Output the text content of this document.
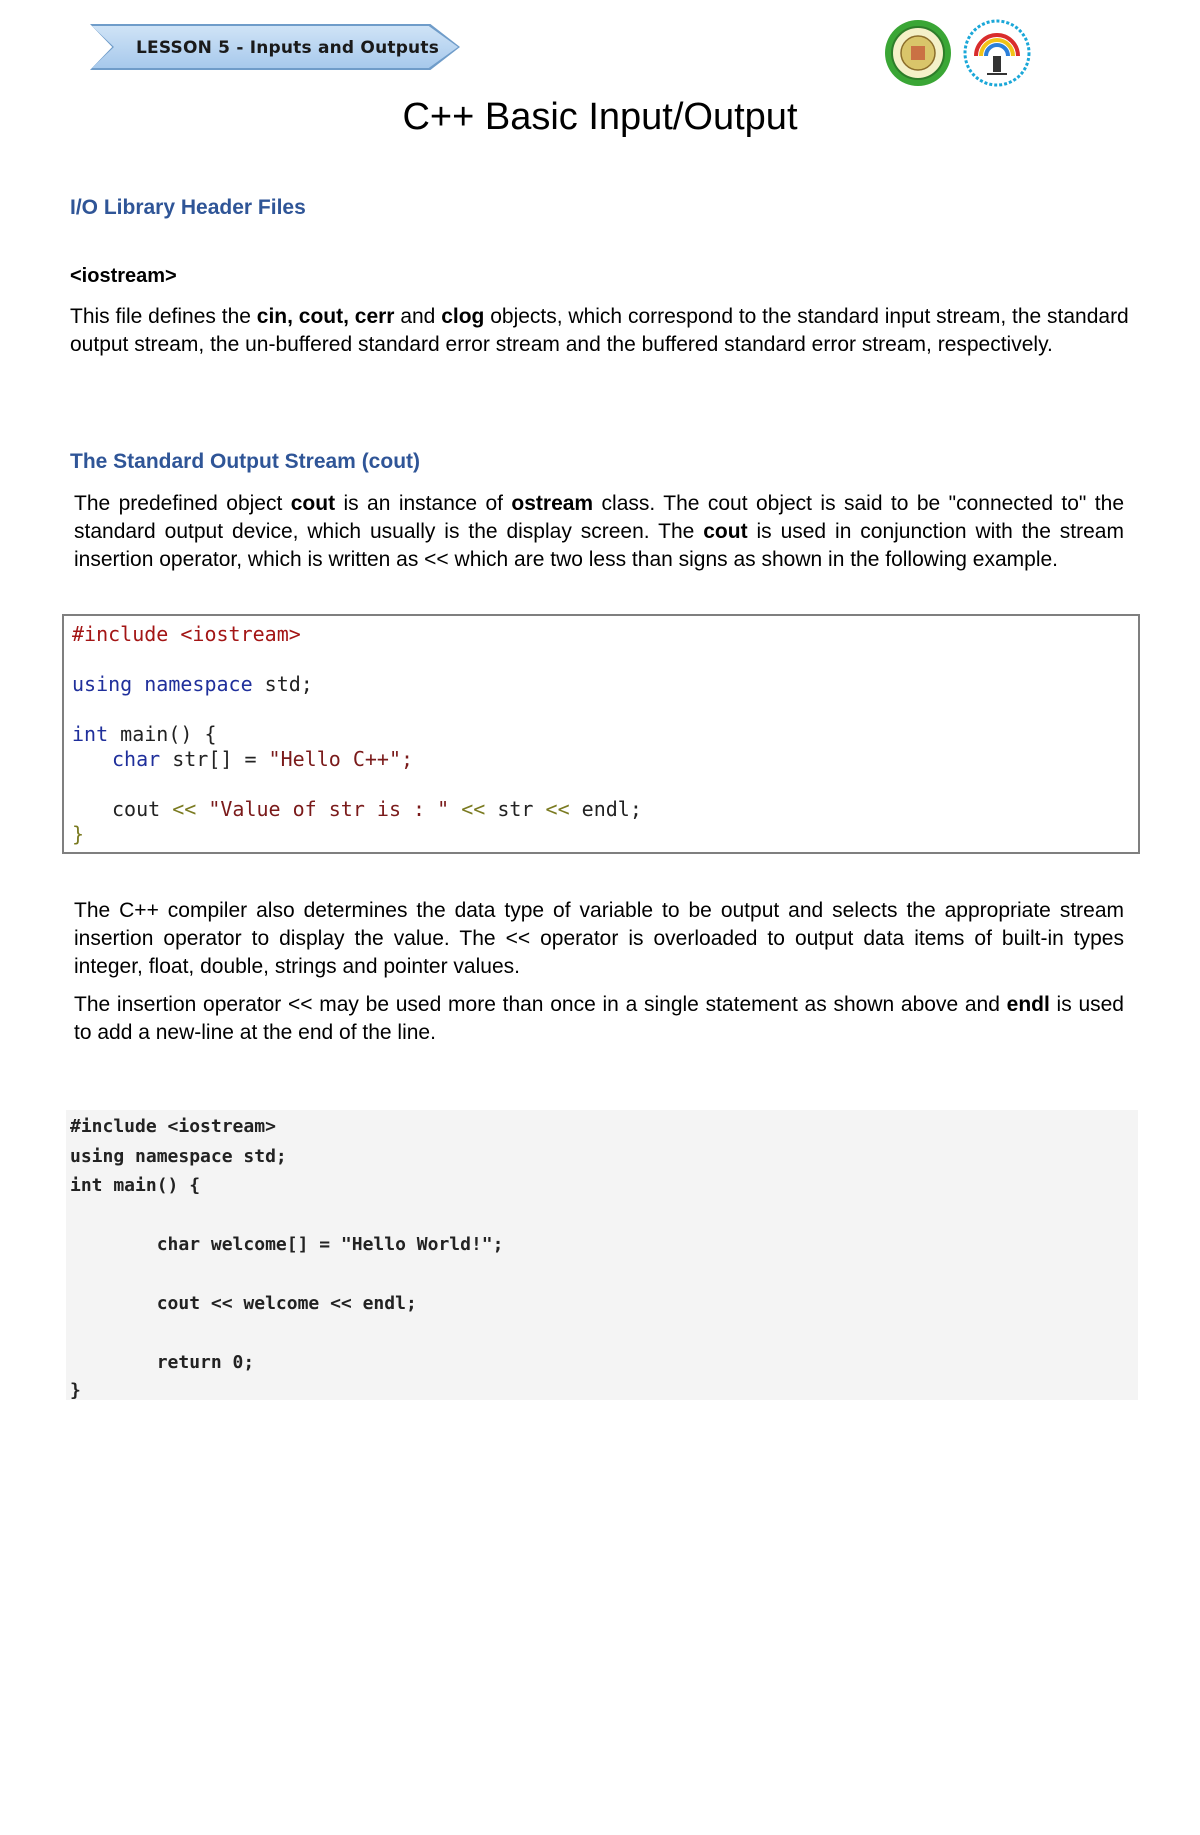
LESSON 5 - Inputs and Outputs
C++ Basic Input/Output
I/O Library Header Files
<iostream>
This file defines the cin, cout, cerr and clog objects, which correspond to the standard input stream, the standard output stream, the un-buffered standard error stream and the buffered standard error stream, respectively.
The Standard Output Stream (cout)
The predefined object cout is an instance of ostream class. The cout object is said to be "connected to" the standard output device, which usually is the display screen. The cout is used in conjunction with the stream insertion operator, which is written as << which are two less than signs as shown in the following example.
#include <iostream>
using namespace std;
int main() {
char str[] = "Hello C++";
cout << "Value of str is : " << str << endl;
}
The C++ compiler also determines the data type of variable to be output and selects the appropriate stream insertion operator to display the value. The << operator is overloaded to output data items of built-in types integer, float, double, strings and pointer values.
The insertion operator << may be used more than once in a single statement as shown above and endl is used to add a new-line at the end of the line.
#include <iostream>
using namespace std;
int main() {
char welcome[] = "Hello World!";
cout << welcome << endl;
return 0;
}
